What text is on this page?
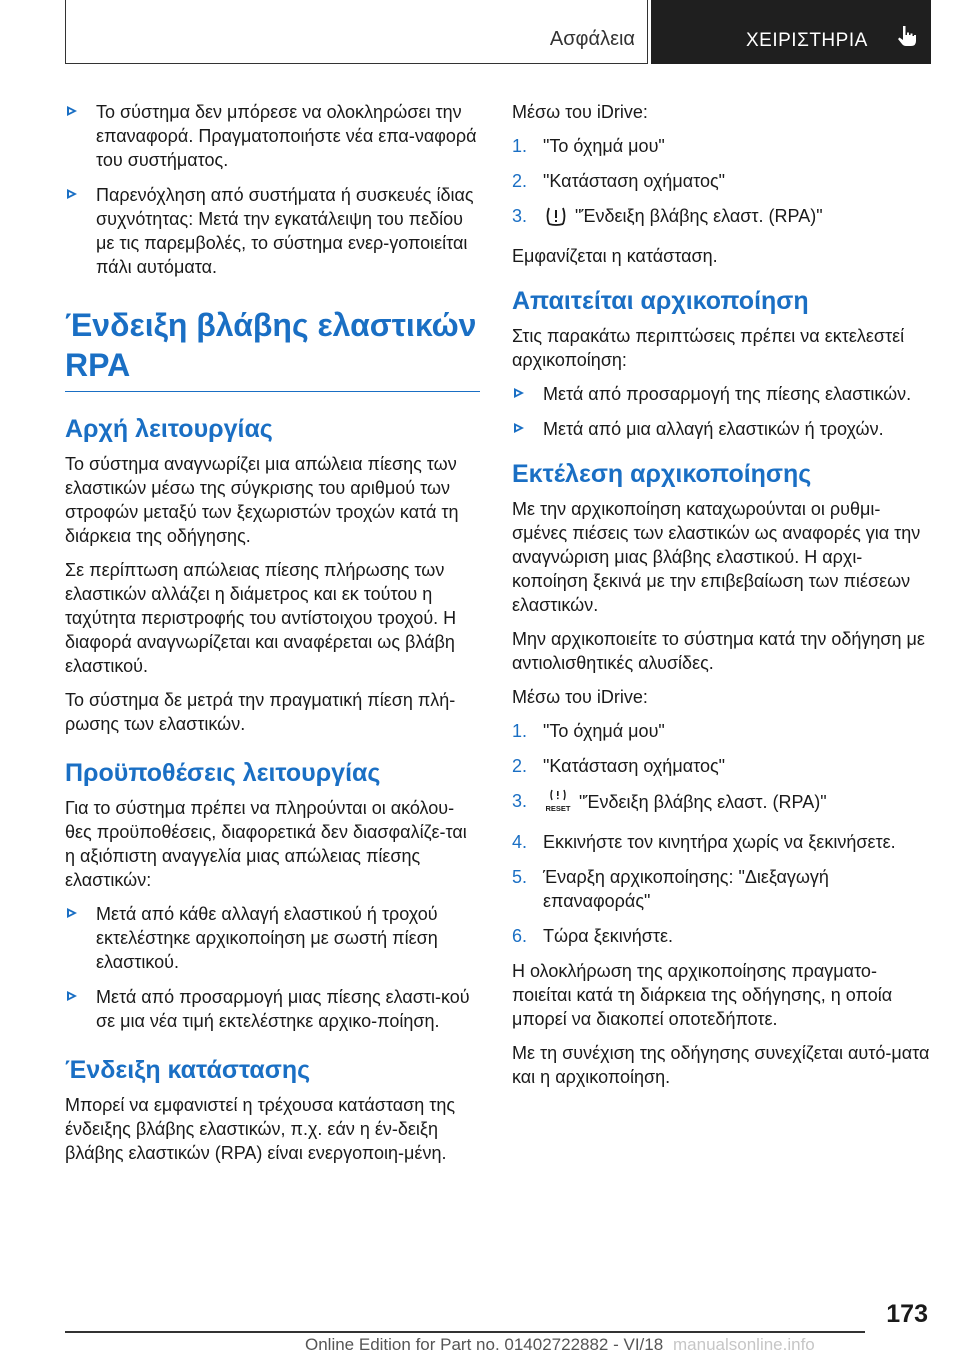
Ασφάλεια	ΧΕΙΡΙΣΤΗΡΙΑ
Το σύστημα δεν μπόρεσε να ολοκληρώσει την επαναφορά. Πραγματοποιήστε νέα επα-ναφορά του συστήματος.
Παρενόχληση από συστήματα ή συσκευές ίδιας συχνότητας: Μετά την εγκατάλειψη του πεδίου με τις παρεμβολές, το σύστημα ενερ-γοποιείται πάλι αυτόματα.
Ένδειξη βλάβης ελαστικών RPA
Αρχή λειτουργίας

Το σύστημα αναγνωρίζει μια απώλεια πίεσης των ελαστικών μέσω της σύγκρισης του αριθμού των στροφών μεταξύ των ξεχωριστών τροχών κατά τη διάρκεια της οδήγησης.

Σε περίπτωση απώλειας πίεσης πλήρωσης των ελαστικών αλλάζει η διάμετρος και εκ τούτου η ταχύτητα περιστροφής του αντίστοιχου τροχού. Η διαφορά αναγνωρίζεται και αναφέρεται ως βλάβη ελαστικού.

Το σύστημα δε μετρά την πραγματική πίεση πλή-ρωσης των ελαστικών.

Προϋποθέσεις λειτουργίας

Για το σύστημα πρέπει να πληρούνται οι ακόλου-θες προϋποθέσεις, διαφορετικά δεν διασφαλίζε-ται η αξιόπιστη αναγγελία μιας απώλειας πίεσης ελαστικών:

Μετά από κάθε αλλαγή ελαστικού ή τροχού εκτελέστηκε αρχικοποίηση με σωστή πίεση ελαστικού.
Μετά από προσαρμογή μιας πίεσης ελαστι-κού σε μια νέα τιμή εκτελέστηκε αρχικο-ποίηση.
Ένδειξη κατάστασης

Μπορεί να εμφανιστεί η τρέχουσα κατάσταση της ένδειξης βλάβης ελαστικών, π.χ. εάν η έν-δειξη βλάβης ελαστικών (RPA) είναι ενεργοποιη-μένη.

Μέσω του iDrive:

1. "Το όχημά μου"
2. "Κατάσταση οχήματος"
3.	"Ένδειξη βλάβης ελαστ. (RPA)"

Εμφανίζεται η κατάσταση.

Απαιτείται αρχικοποίηση

Στις παρακάτω περιπτώσεις πρέπει να εκτελεστεί αρχικοποίηση:

Μετά από προσαρμογή της πίεσης ελαστικών.
Μετά από μια αλλαγή ελαστικών ή τροχών.
Εκτέλεση αρχικοποίησης

Με την αρχικοποίηση καταχωρούνται οι ρυθμι-σμένες πιέσεις των ελαστικών ως αναφορές για την αναγνώριση μιας βλάβης ελαστικού. Η αρχι-κοποίηση ξεκινά με την επιβεβαίωση των πιέσεων ελαστικών.

Μην αρχικοποιείτε το σύστημα κατά την οδήγηση με αντιολισθητικές αλυσίδες.

Μέσω του iDrive:

1. "Το όχημά μου"
2. "Κατάσταση οχήματος"
3. RESET "Ένδειξη βλάβης ελαστ. (RPA)"
4. Εκκινήστε τον κινητήρα χωρίς να ξεκινήσετε.
5. Έναρξη αρχικοποίησης: "Διεξαγωγή επαναφοράς"
6. Τώρα ξεκινήστε.

Η ολοκλήρωση της αρχικοποίησης πραγματο-ποιείται κατά τη διάρκεια της οδήγησης, η οποία μπορεί να διακοπεί οποτεδήποτε.

Με τη συνέχιση της οδήγησης συνεχίζεται αυτό-ματα και η αρχικοποίηση.

173
Online Edition for Part no. 01402722882 - VI/18 manualsonline.info
